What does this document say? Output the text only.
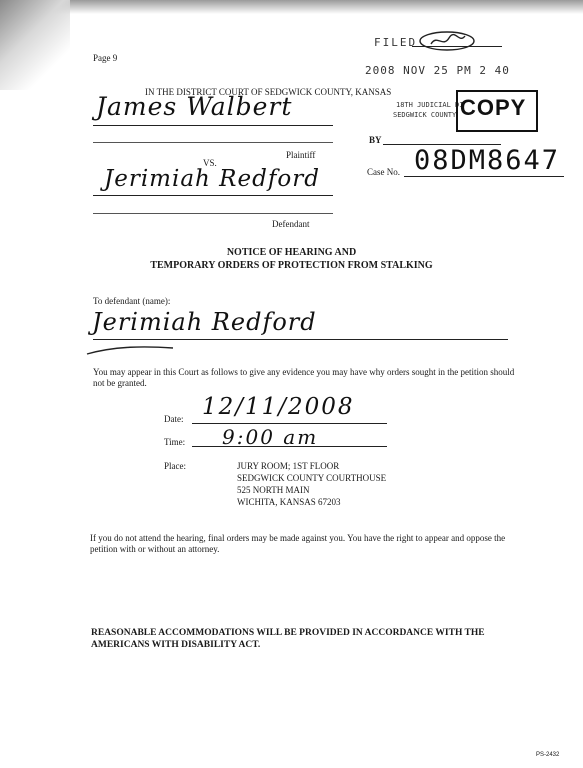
Page 9
FILED
2008 NOV 25 PM 2 40
18TH JUDICIAL DI
SEDGWICK COUNTY COPY
BY
IN THE DISTRICT COURT OF SEDGWICK COUNTY, KANSAS
James Walbert
Plaintiff
VS.
Jerimiah Redford
Defendant
Case No. 08DM8647
NOTICE OF HEARING AND
TEMPORARY ORDERS OF PROTECTION FROM STALKING
To defendant (name):
Jerimiah Redford
You may appear in this Court as follows to give any evidence you may have why orders sought in the petition should not be granted.
Date: 12/11/2008
Time: 9:00 am
Place:	JURY ROOM; 1ST FLOOR
SEDGWICK COUNTY COURTHOUSE
525 NORTH MAIN
WICHITA, KANSAS 67203
If you do not attend the hearing, final orders may be made against you. You have the right to appear and oppose the petition with or without an attorney.
REASONABLE ACCOMMODATIONS WILL BE PROVIDED IN ACCORDANCE WITH THE AMERICANS WITH DISABILITY ACT.
PS-2432
